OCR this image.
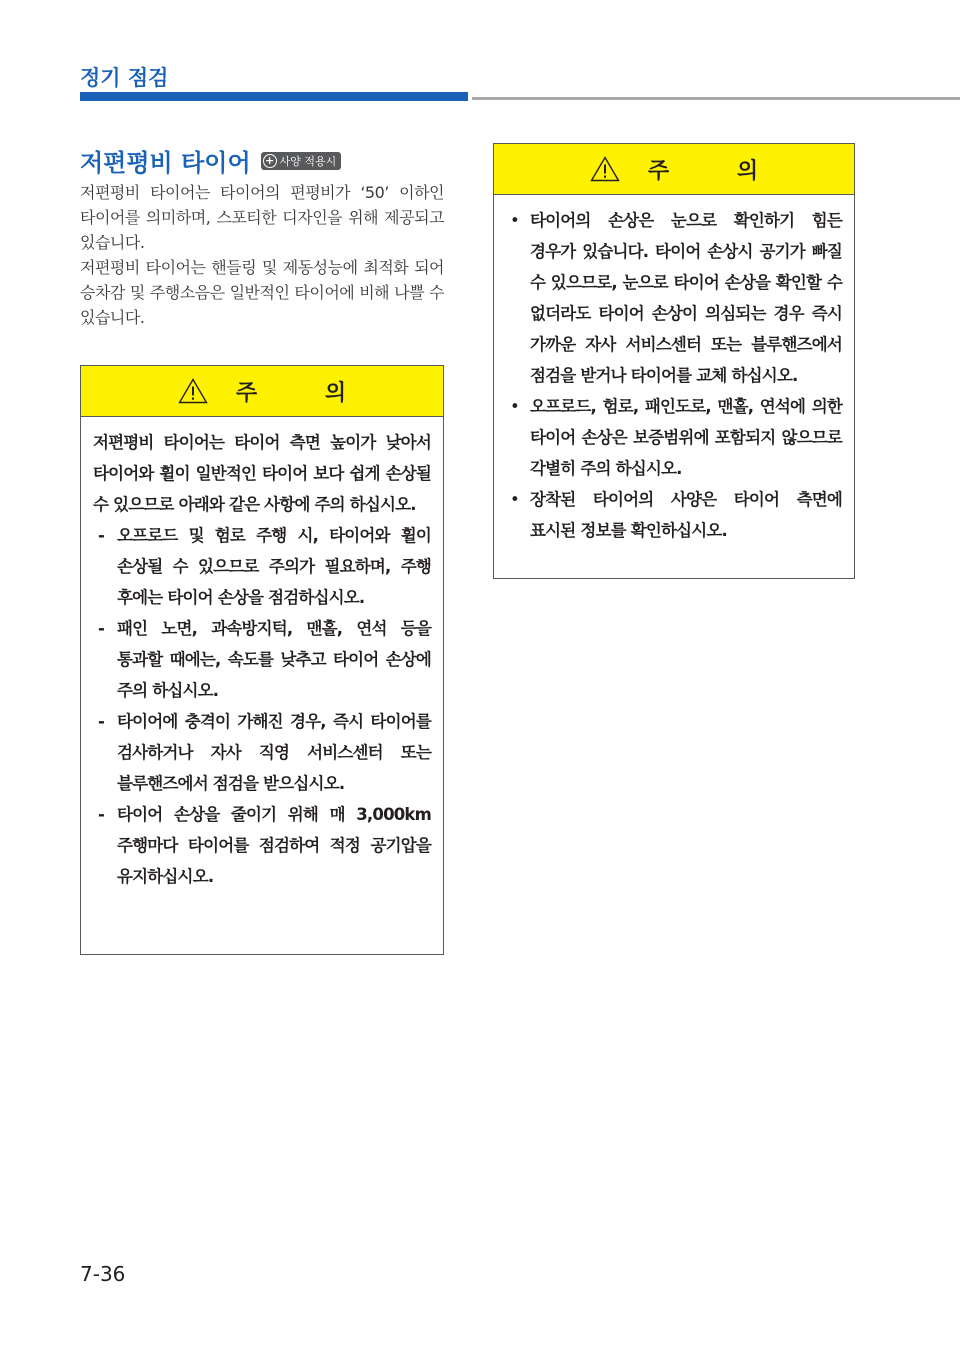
정기 점검
저편평비 타이어 + 사양 적용시

저편평비 타이어는 타이어의 편평비가 ‘50’ 이하인 타이어를 의미하며, 스포티한 디자인을 위해 제공되고 있습니다.

저편평비 타이어는 핸들링 및 제동성능에 최적화 되어 승차감 및 주행소음은 일반적인 타이어에 비해 나쁠 수 있습니다.

주 의

저편평비 타이어는 타이어 측면 높이가 낮아서 타이어와 휠이 일반적인 타이어 보다 쉽게 손상될 수 있으므로 아래와 같은 사항에 주의 하십시오.

- 오프로드 및 험로 주행 시, 타이어와 휠이 손상될 수 있으므로 주의가 필요하며, 주행 후에는 타이어 손상을 점검하십시오.
- 패인 노면, 과속방지턱, 맨홀, 연석 등을 통과할 때에는, 속도를 낮추고 타이어 손상에 주의 하십시오.
- 타이어에 충격이 가해진 경우, 즉시 타이어를 검사하거나 자사 직영 서비스센터 또는 블루핸즈에서 점검을 받으십시오.
- 타이어 손상을 줄이기 위해 매 3,000km 주행마다 타이어를 점검하여 적정 공기압을 유지하십시오.
주 의
• 타이어의 손상은 눈으로 확인하기 힘든 경우가 있습니다. 타이어 손상시 공기가 빠질 수 있으므로, 눈으로 타이어 손상을 확인할 수 없더라도 타이어 손상이 의심되는 경우 즉시 가까운 자사 서비스센터 또는 블루핸즈에서 점검을 받거나 타이어를 교체 하십시오.
• 오프로드, 험로, 패인도로, 맨홀, 연석에 의한 타이어 손상은 보증범위에 포함되지 않으므로 각별히 주의 하십시오.
• 장착된 타이어의 사양은 타이어 측면에 표시된 정보를 확인하십시오.
7-36
